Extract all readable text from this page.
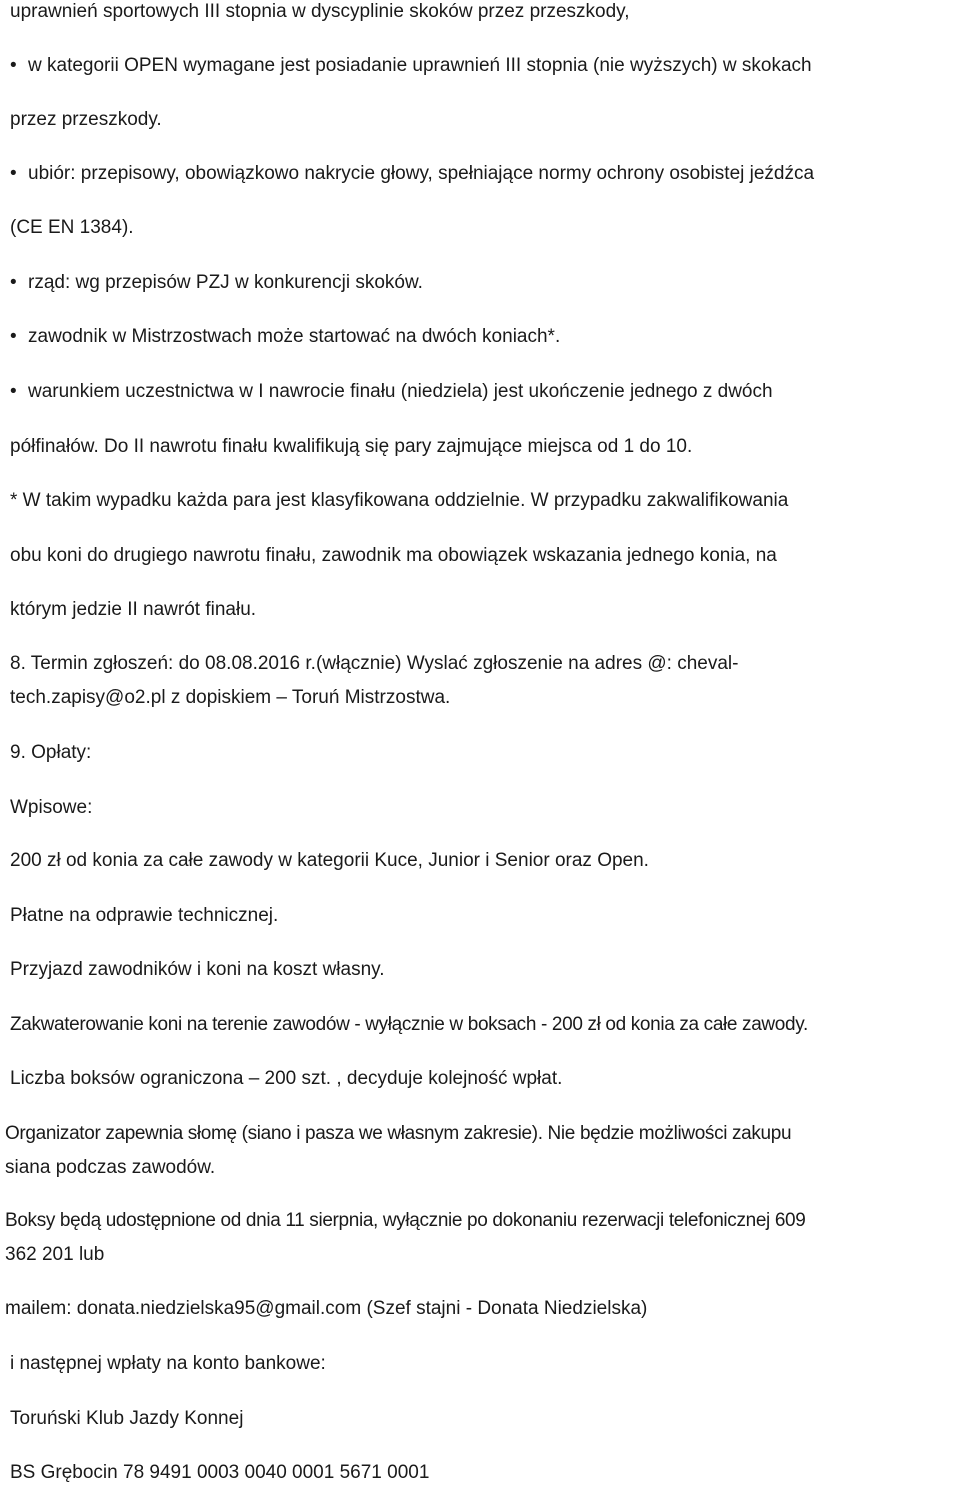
uprawnień sportowych III stopnia w dyscyplinie skoków przez przeszkody,
• w kategorii OPEN wymagane jest posiadanie uprawnień III stopnia (nie wyższych) w skokach
przez przeszkody.
• ubiór: przepisowy, obowiązkowo nakrycie głowy, spełniające normy ochrony osobistej jeźdźca
(CE EN 1384).
• rząd: wg przepisów PZJ w konkurencji skoków.
• zawodnik w Mistrzostwach może startować na dwóch koniach*.
• warunkiem uczestnictwa w I nawrocie finału (niedziela) jest ukończenie jednego z dwóch
półfinałów. Do II nawrotu finału kwalifikują się pary zajmujące miejsca od 1 do 10.
* W takim wypadku każda para jest klasyfikowana oddzielnie. W przypadku zakwalifikowania
obu koni do drugiego nawrotu finału, zawodnik ma obowiązek wskazania jednego konia, na
którym jedzie II nawrót finału.
8. Termin zgłoszeń: do 08.08.2016 r.(włącznie) Wyslać zgłoszenie na adres @: cheval-
tech.zapisy@o2.pl z dopiskiem – Toruń Mistrzostwa.
9. Opłaty:
Wpisowe:
200 zł od konia za całe zawody w kategorii Kuce, Junior i Senior oraz Open.
Płatne na odprawie technicznej.
Przyjazd zawodników i koni na koszt własny.
Zakwaterowanie koni na terenie zawodów - wyłącznie w boksach - 200 zł od konia za całe zawody.
Liczba boksów ograniczona – 200 szt. , decyduje kolejność wpłat.
Organizator zapewnia słomę (siano i pasza we własnym zakresie). Nie będzie możliwości zakupu
siana podczas zawodów.
Boksy będą udostępnione od dnia 11 sierpnia, wyłącznie po dokonaniu rezerwacji telefonicznej 609
362 201 lub
mailem: donata.niedzielska95@gmail.com (Szef stajni - Donata Niedzielska)
i następnej wpłaty na konto bankowe:
Toruński Klub Jazdy Konnej
BS Grębocin 78 9491 0003 0040 0001 5671 0001
